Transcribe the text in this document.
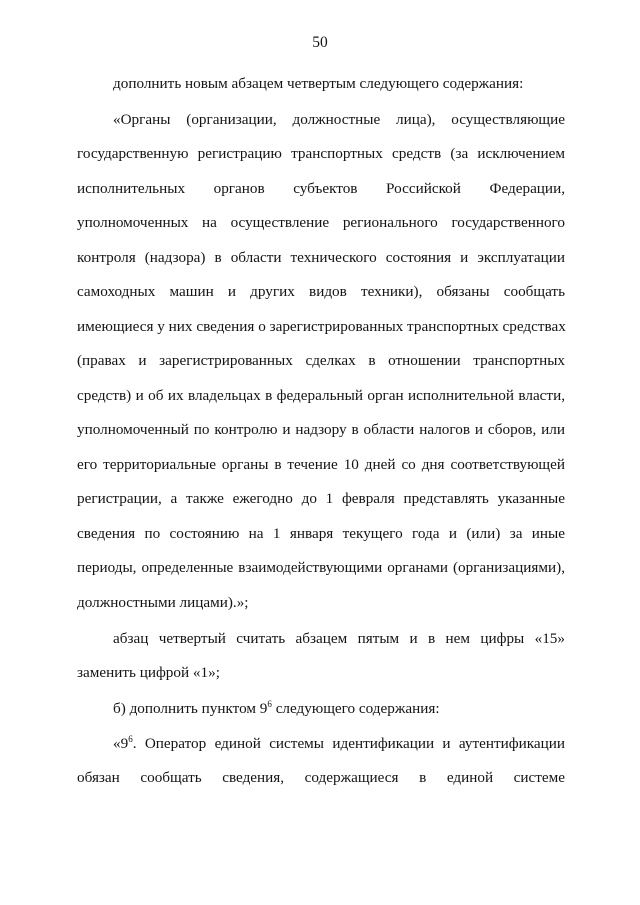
50
дополнить новым абзацем четвертым следующего содержания:
«Органы (организации, должностные лица), осуществляющие
государственную регистрацию транспортных средств (за исключением
исполнительных органов субъектов Российской Федерации,
уполномоченных на осуществление регионального государственного
контроля (надзора) в области технического состояния и эксплуатации
самоходных машин и других видов техники), обязаны сообщать
имеющиеся у них сведения о зарегистрированных транспортных средствах
(правах и зарегистрированных сделках в отношении транспортных
средств) и об их владельцах в федеральный орган исполнительной власти,
уполномоченный по контролю и надзору в области налогов и сборов, или
его территориальные органы в течение 10 дней со дня соответствующей
регистрации, а также ежегодно до 1 февраля представлять указанные
сведения по состоянию на 1 января текущего года и (или) за иные
периоды, определенные взаимодействующими органами (организациями),
должностными лицами).»;
абзац четвертый считать абзацем пятым и в нем цифры «15»
заменить цифрой «1»;
б) дополнить пунктом $9^6$ следующего содержания:
«$9^6$. Оператор единой системы идентификации и аутентификации
обязан сообщать сведения, содержащиеся в единой системе
